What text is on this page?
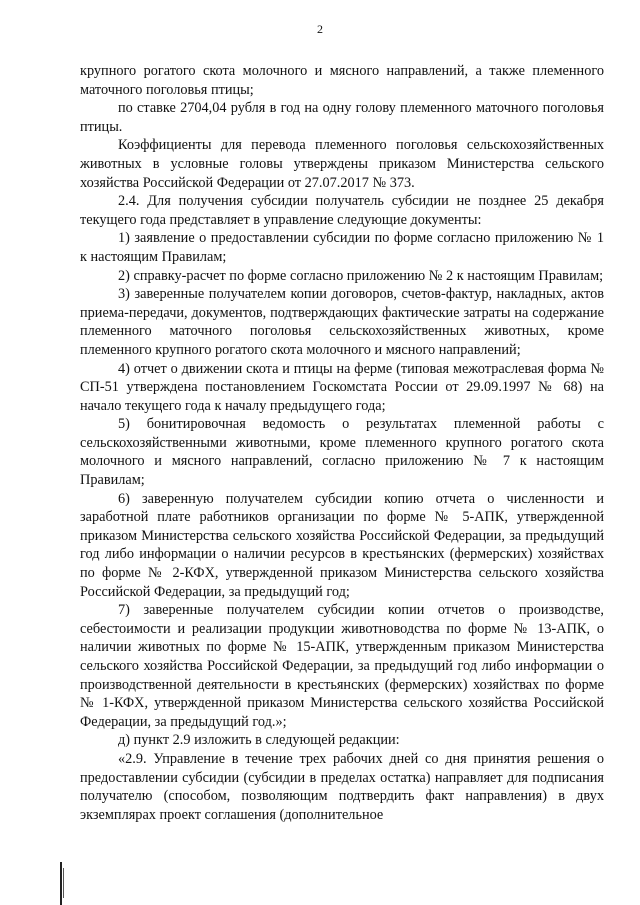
2

крупного рогатого скота молочного и мясного направлений, а также племенного маточного поголовья птицы;

по ставке 2704,04 рубля в год на одну голову племенного маточного поголовья птицы.

Коэффициенты для перевода племенного поголовья сельскохозяйственных животных в условные головы утверждены приказом Министерства сельского хозяйства Российской Федерации от 27.07.2017 № 373.

2.4. Для получения субсидии получатель субсидии не позднее 25 декабря текущего года представляет в управление следующие документы:

1) заявление о предоставлении субсидии по форме согласно приложению № 1 к настоящим Правилам;

2) справку-расчет по форме согласно приложению № 2 к настоящим Правилам;

3) заверенные получателем копии договоров, счетов-фактур, накладных, актов приема-передачи, документов, подтверждающих фактические затраты на содержание племенного маточного поголовья сельскохозяйственных животных, кроме племенного крупного рогатого скота молочного и мясного направлений;

4) отчет о движении скота и птицы на ферме (типовая межотраслевая форма № СП-51 утверждена постановлением Госкомстата России от 29.09.1997 № 68) на начало текущего года к началу предыдущего года;

5) бонитировочная ведомость о результатах племенной работы с сельскохозяйственными животными, кроме племенного крупного рогатого скота молочного и мясного направлений, согласно приложению № 7 к настоящим Правилам;

6) заверенную получателем субсидии копию отчета о численности и заработной плате работников организации по форме № 5-АПК, утвержденной приказом Министерства сельского хозяйства Российской Федерации, за предыдущий год либо информации о наличии ресурсов в крестьянских (фермерских) хозяйствах по форме № 2-КФХ, утвержденной приказом Министерства сельского хозяйства Российской Федерации, за предыдущий год;

7) заверенные получателем субсидии копии отчетов о производстве, себестоимости и реализации продукции животноводства по форме № 13-АПК, о наличии животных по форме № 15-АПК, утвержденным приказом Министерства сельского хозяйства Российской Федерации, за предыдущий год либо информации о производственной деятельности в крестьянских (фермерских) хозяйствах по форме № 1-КФХ, утвержденной приказом Министерства сельского хозяйства Российской Федерации, за предыдущий год.»;

д) пункт 2.9 изложить в следующей редакции:

«2.9. Управление в течение трех рабочих дней со дня принятия решения о предоставлении субсидии (субсидии в пределах остатка) направляет для подписания получателю (способом, позволяющим подтвердить факт направления) в двух экземплярах проект соглашения (дополнительное
